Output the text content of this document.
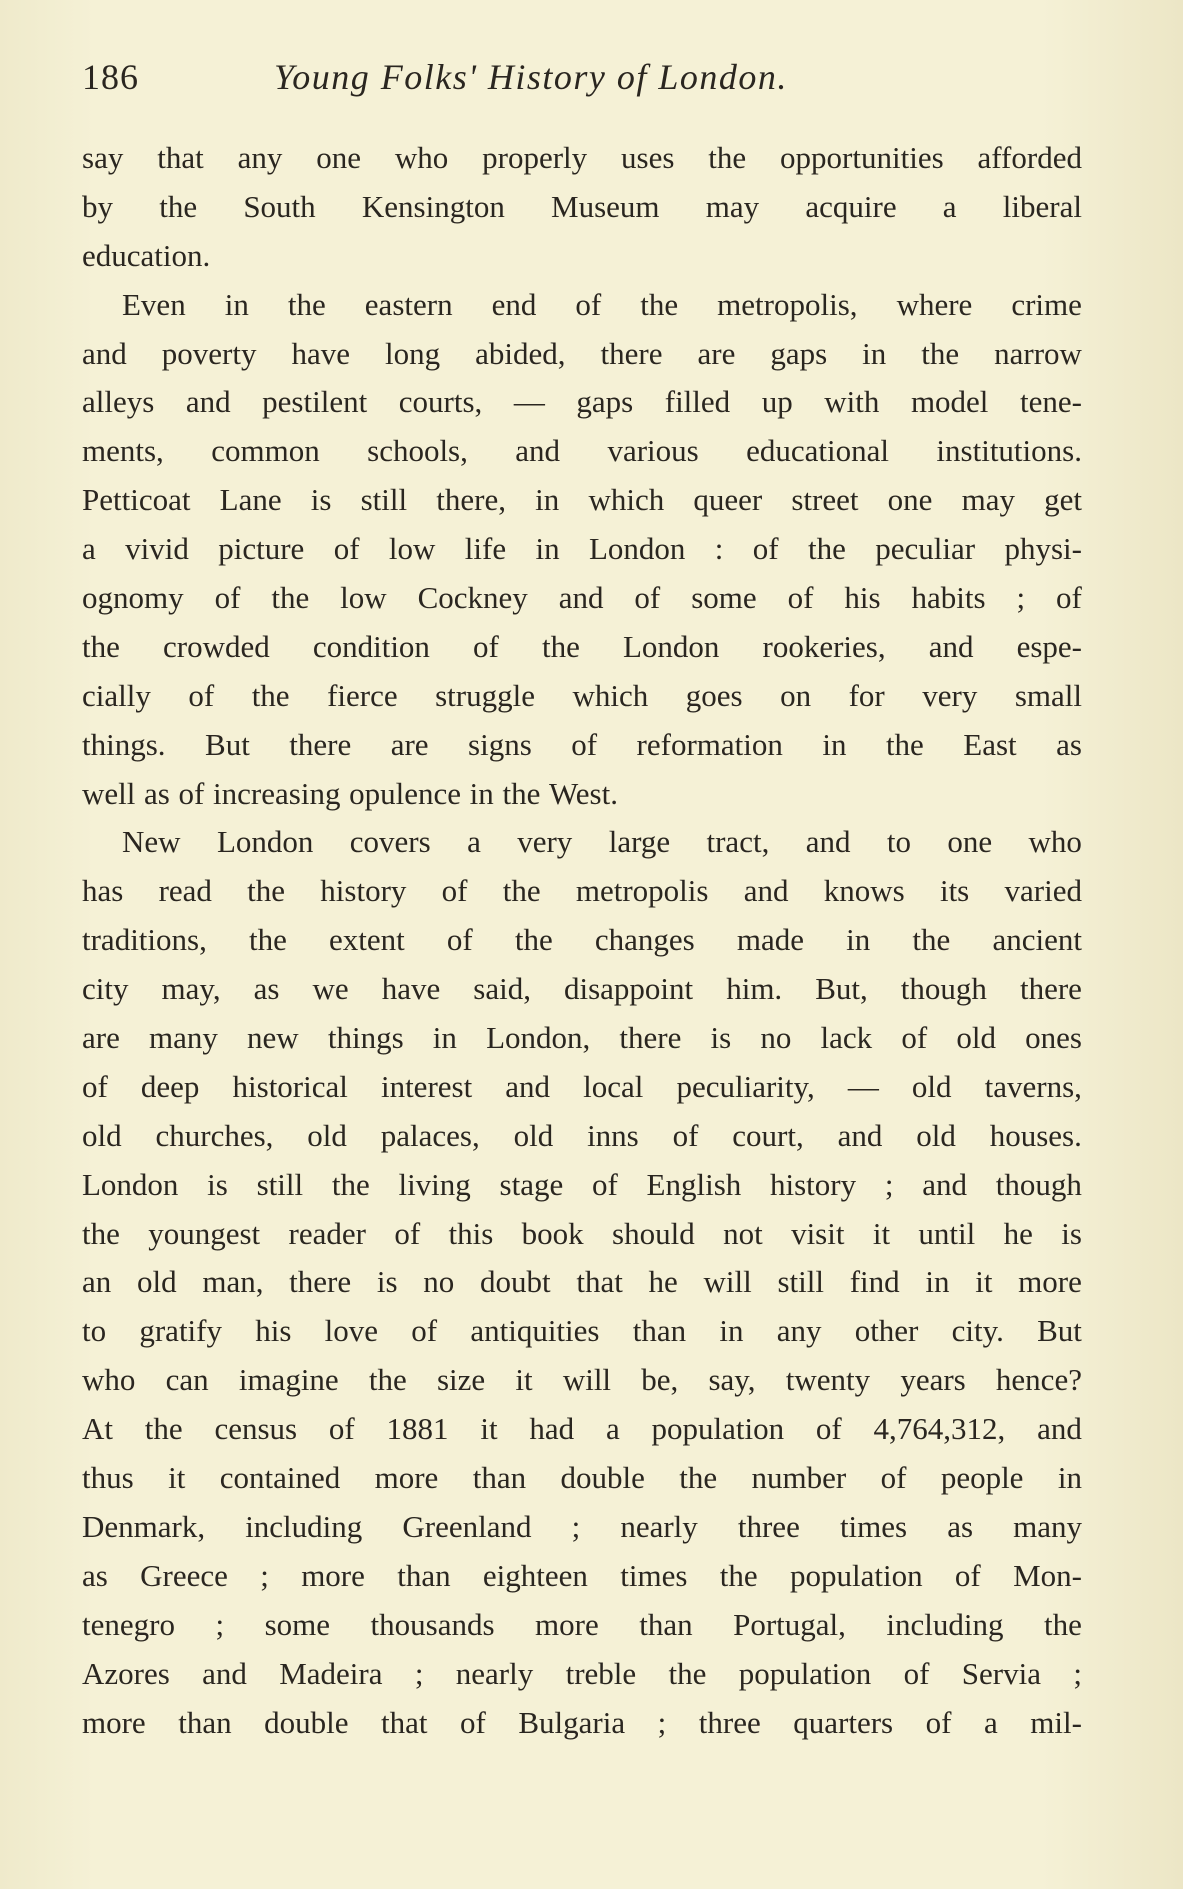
186	Young Folks' History of London.
say that any one who properly uses the opportunities afforded
by the South Kensington Museum may acquire a liberal
education.
Even in the eastern end of the metropolis, where crime
and poverty have long abided, there are gaps in the narrow
alleys and pestilent courts, — gaps filled up with model tene-
ments, common schools, and various educational institutions.
Petticoat Lane is still there, in which queer street one may get
a vivid picture of low life in London : of the peculiar physi-
ognomy of the low Cockney and of some of his habits ; of
the crowded condition of the London rookeries, and espe-
cially of the fierce struggle which goes on for very small
things. But there are signs of reformation in the East as
well as of increasing opulence in the West.
New London covers a very large tract, and to one who
has read the history of the metropolis and knows its varied
traditions, the extent of the changes made in the ancient
city may, as we have said, disappoint him. But, though there
are many new things in London, there is no lack of old ones
of deep historical interest and local peculiarity, — old taverns,
old churches, old palaces, old inns of court, and old houses.
London is still the living stage of English history ; and though
the youngest reader of this book should not visit it until he is
an old man, there is no doubt that he will still find in it more
to gratify his love of antiquities than in any other city. But
who can imagine the size it will be, say, twenty years hence?
At the census of 1881 it had a population of 4,764,312, and
thus it contained more than double the number of people in
Denmark, including Greenland ; nearly three times as many
as Greece ; more than eighteen times the population of Mon-
tenegro ; some thousands more than Portugal, including the
Azores and Madeira ; nearly treble the population of Servia ;
more than double that of Bulgaria ; three quarters of a mil-
